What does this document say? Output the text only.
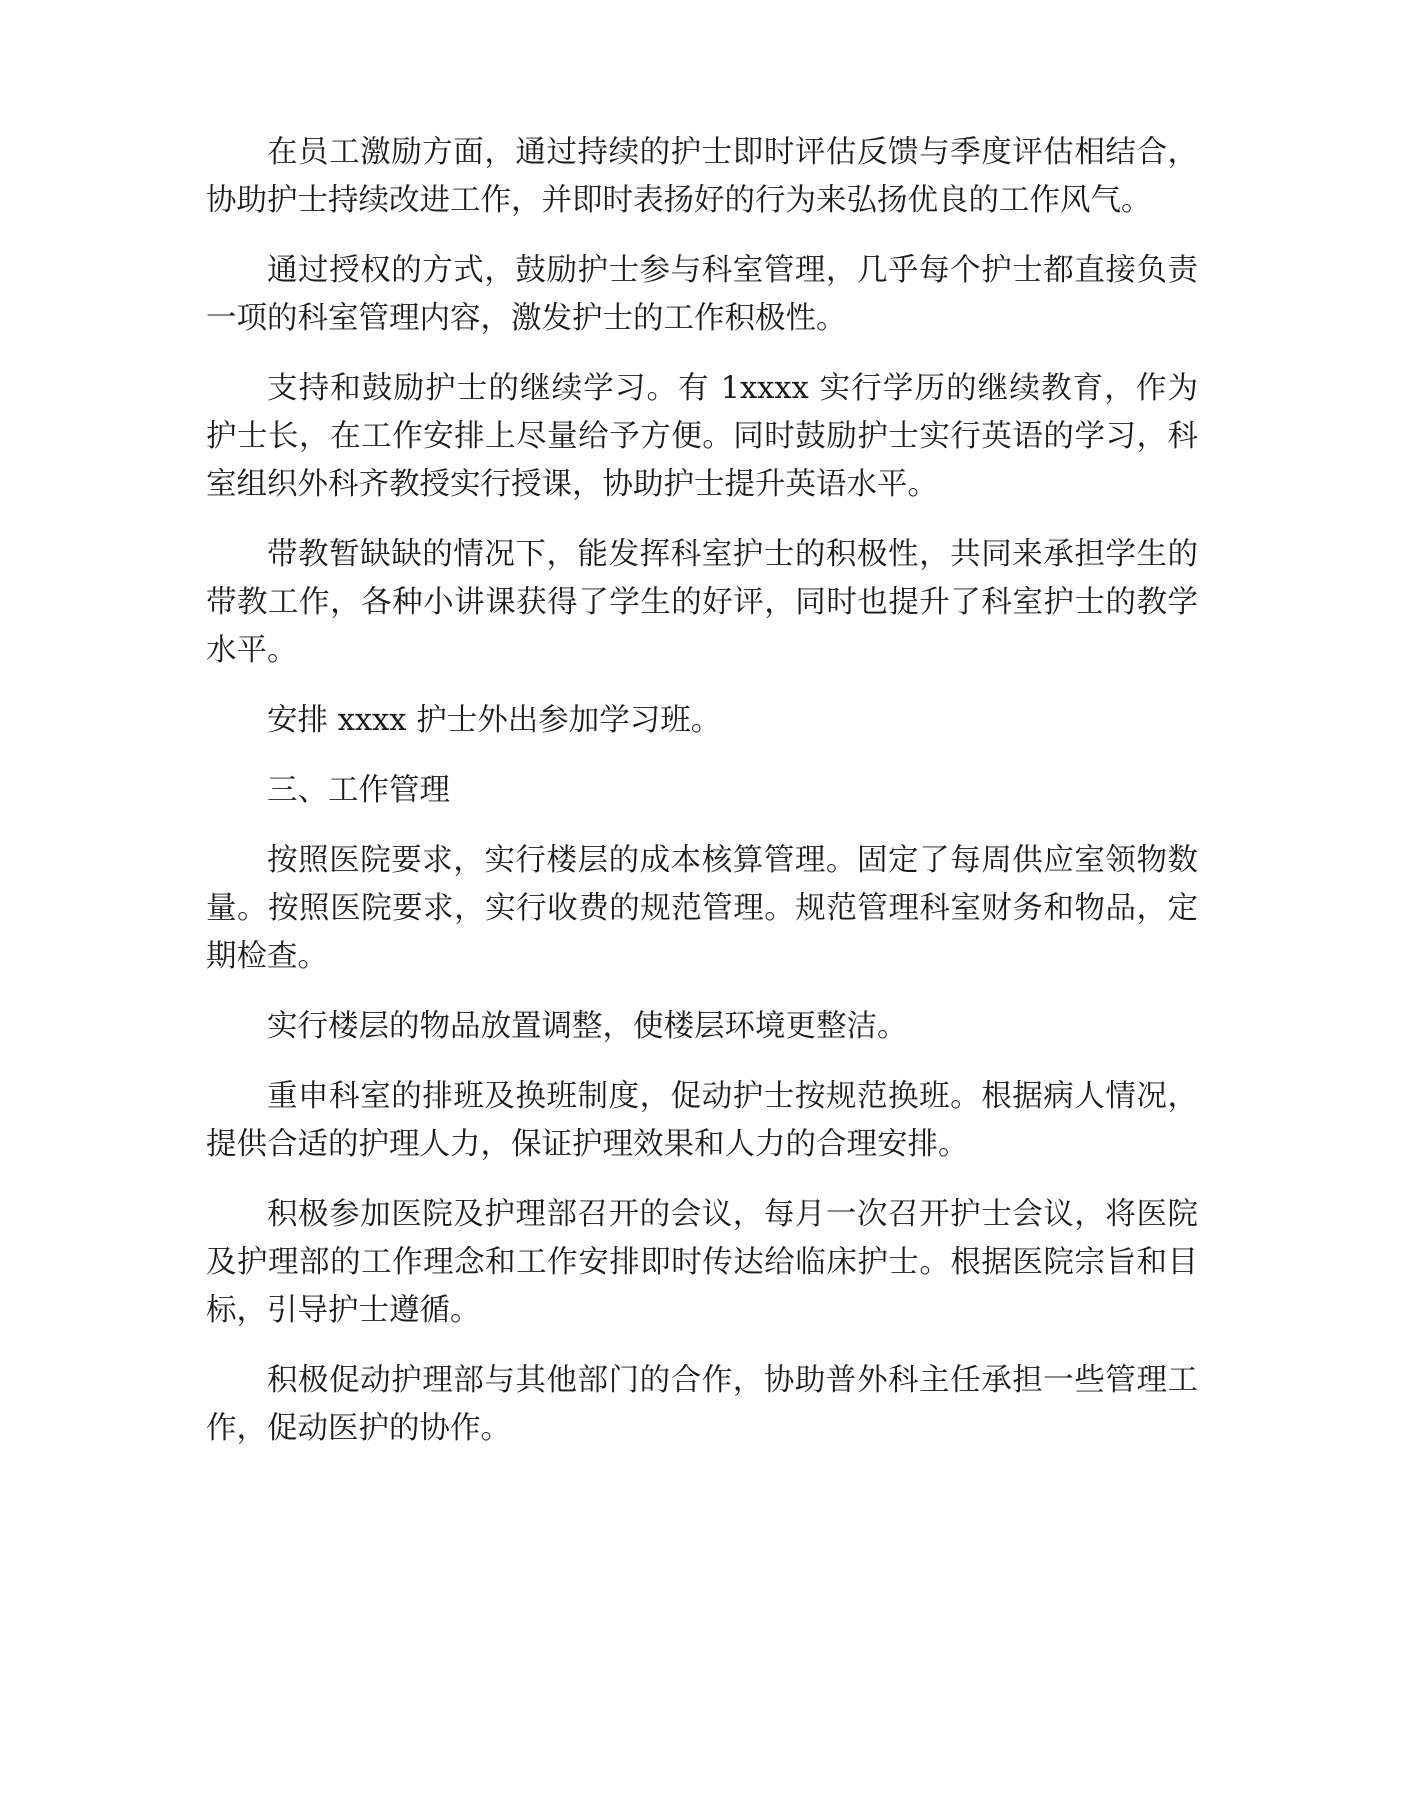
在员工激励方面，通过持续的护士即时评估反馈与季度评估相结合，协助护士持续改进工作，并即时表扬好的行为来弘扬优良的工作风气。

通过授权的方式，鼓励护士参与科室管理，几乎每个护士都直接负责一项的科室管理内容，激发护士的工作积极性。

支持和鼓励护士的继续学习。有 1xxxx 实行学历的继续教育，作为护士长，在工作安排上尽量给予方便。同时鼓励护士实行英语的学习，科室组织外科齐教授实行授课，协助护士提升英语水平。

带教暂缺缺的情况下，能发挥科室护士的积极性，共同来承担学生的带教工作，各种小讲课获得了学生的好评，同时也提升了科室护士的教学水平。

安排 xxxx 护士外出参加学习班。

三、工作管理

按照医院要求，实行楼层的成本核算管理。固定了每周供应室领物数量。按照医院要求，实行收费的规范管理。规范管理科室财务和物品，定期检查。

实行楼层的物品放置调整，使楼层环境更整洁。

重申科室的排班及换班制度，促动护士按规范换班。根据病人情况，提供合适的护理人力，保证护理效果和人力的合理安排。

积极参加医院及护理部召开的会议，每月一次召开护士会议，将医院及护理部的工作理念和工作安排即时传达给临床护士。根据医院宗旨和目标，引导护士遵循。

积极促动护理部与其他部门的合作，协助普外科主任承担一些管理工作，促动医护的协作。
